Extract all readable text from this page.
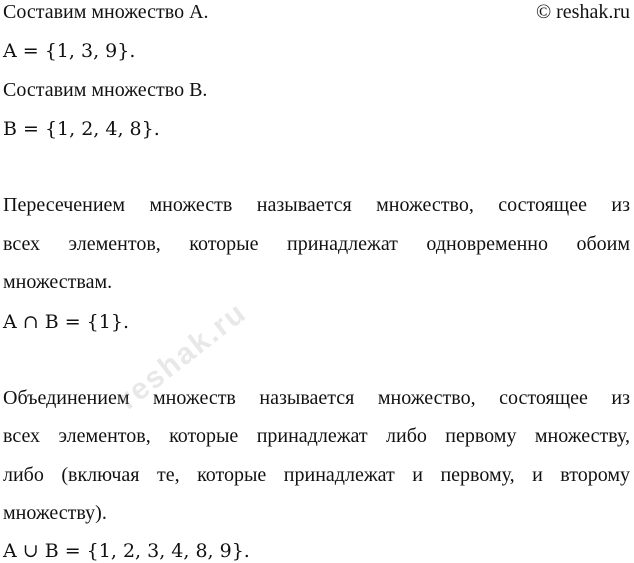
© reshak.ru
Составим множество A.
A = {1, 3, 9}.
Составим множество B.
B = {1, 2, 4, 8}.
Пересечением множеств называется множество, состоящее из
всех элементов, которые принадлежат одновременно обоим
множествам.
A ∩ B = {1}.
Объединением множеств называется множество, состоящее из
всех элементов, которые принадлежат либо первому множеству,
либо (включая те, которые принадлежат и первому, и второму
множеству).
A ∪ B = {1, 2, 3, 4, 8, 9}.
reshak.ru
